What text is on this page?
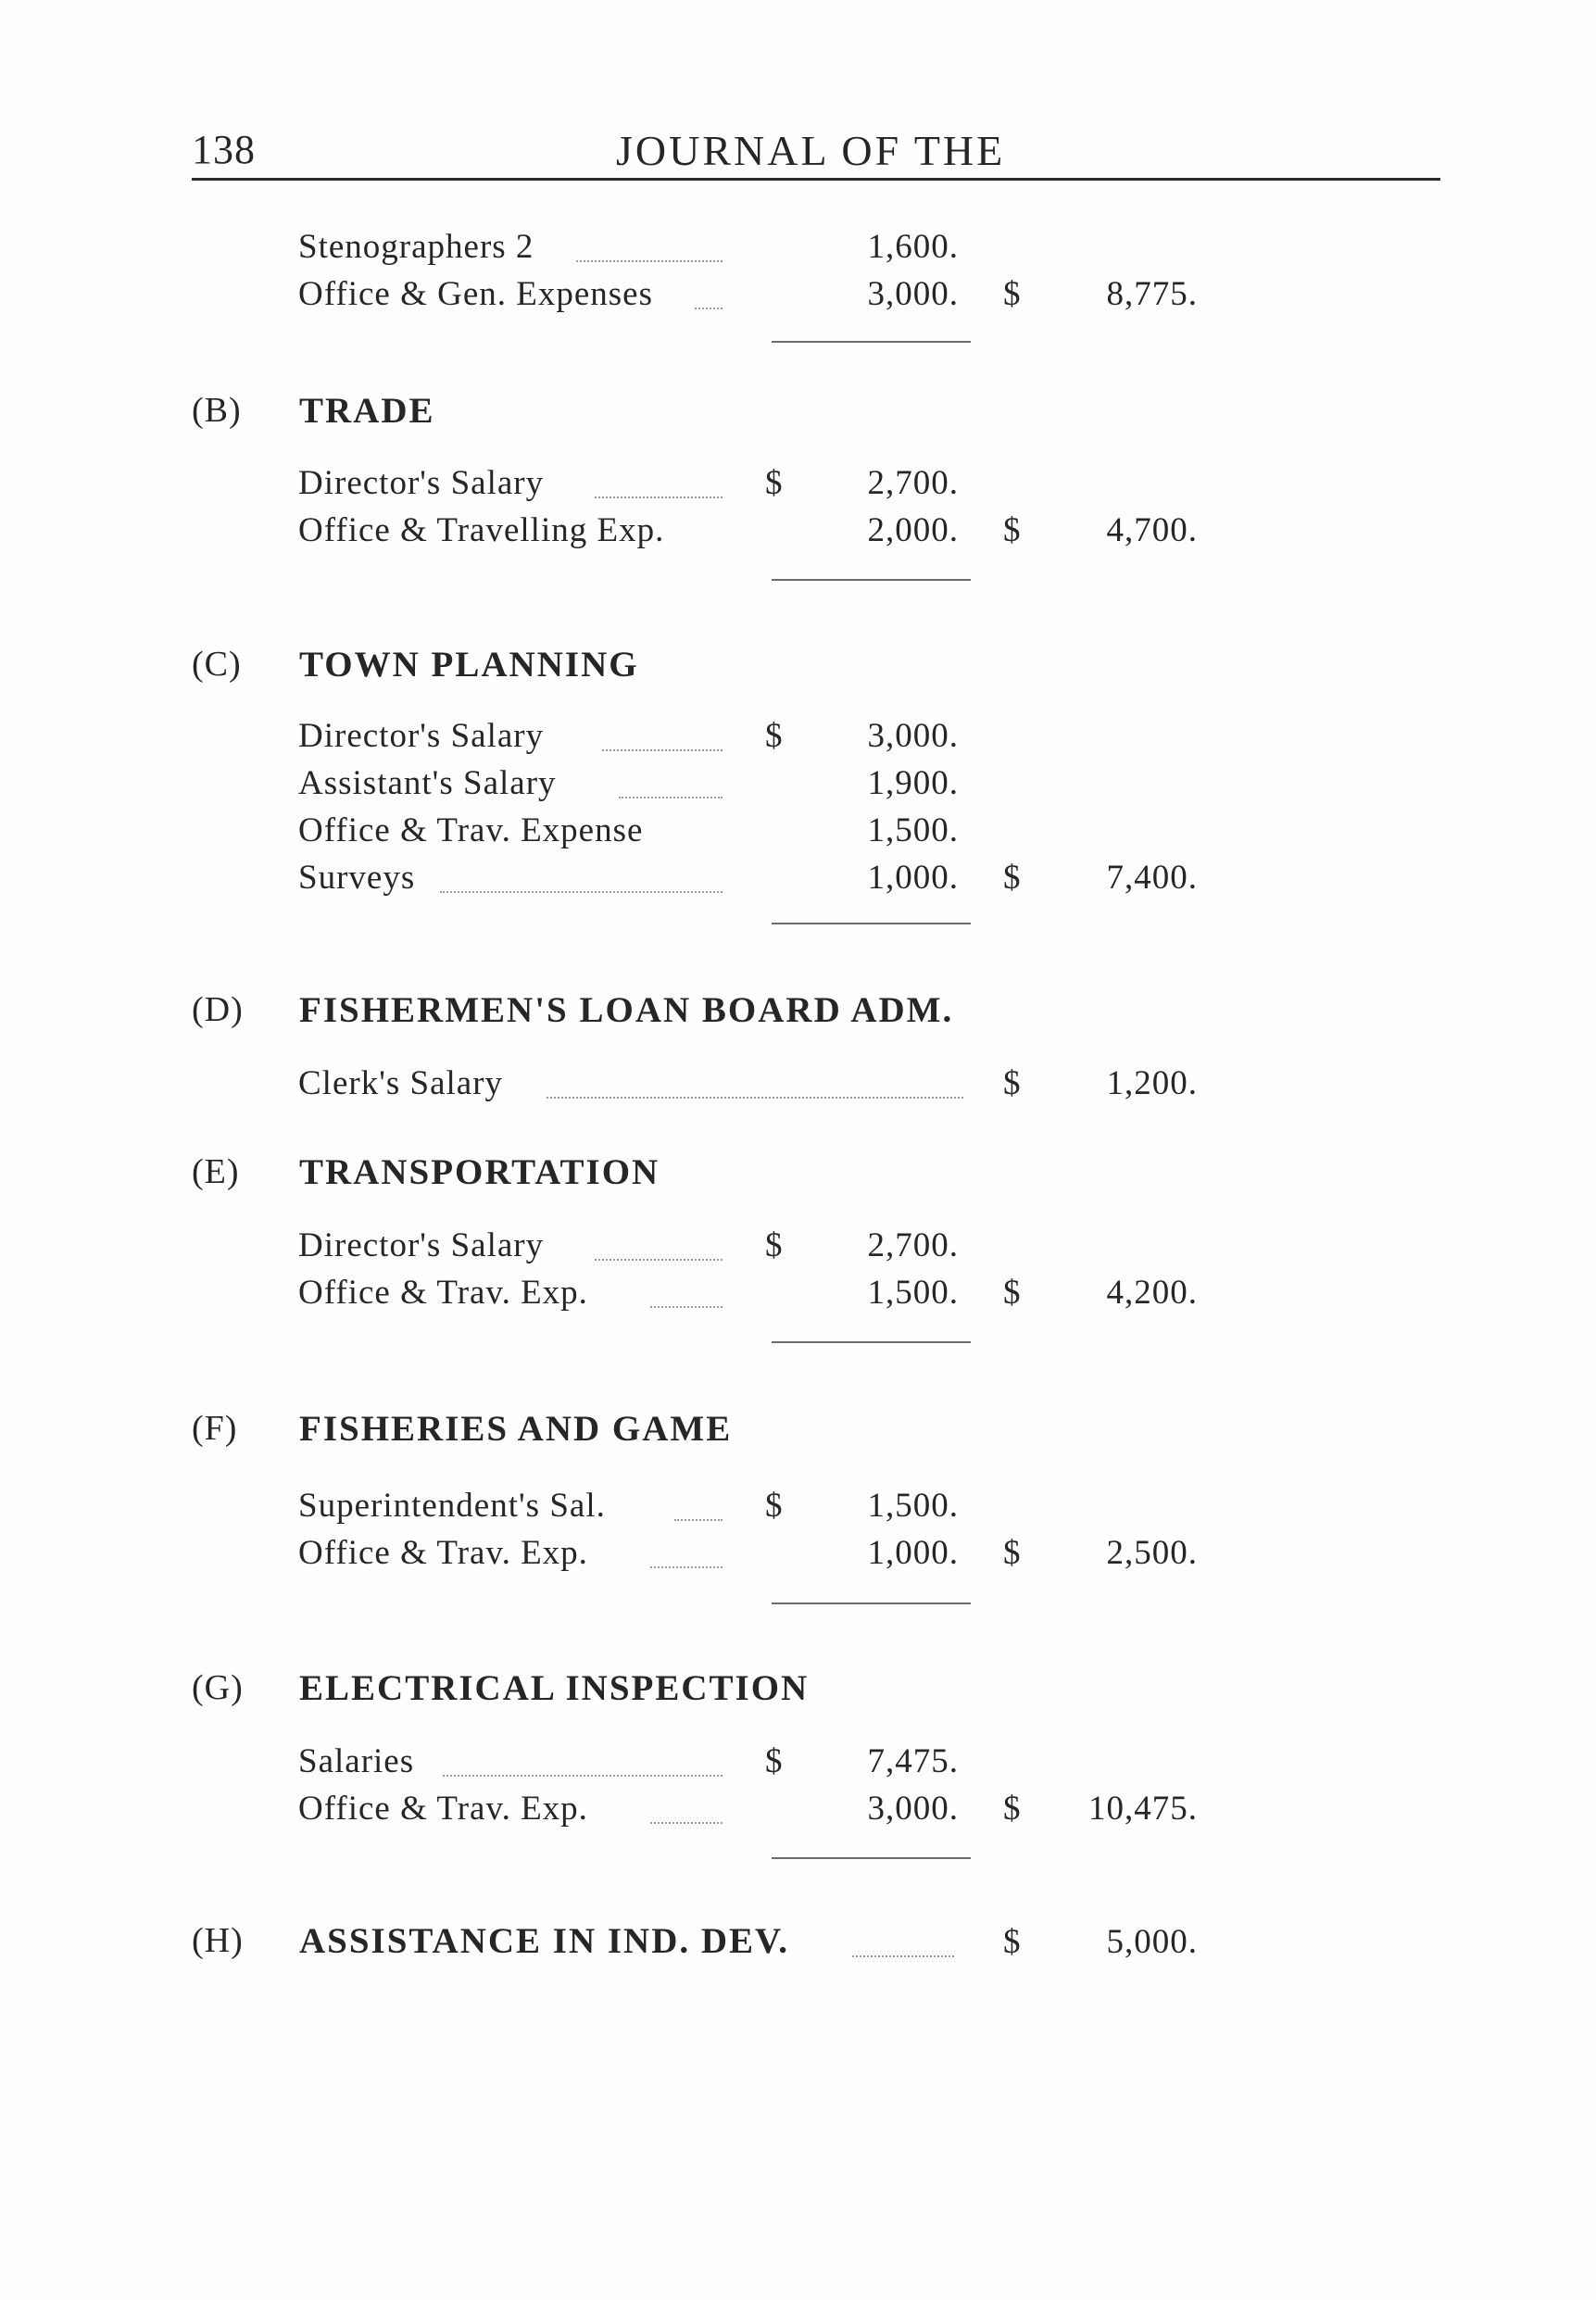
138	JOURNAL OF THE
Stenographers 2	1,600.
Office & Gen. Expenses	3,000. $	8,775.
(B) TRADE
Director's Salary	$ 2,700.
Office & Travelling Exp.	2,000. $	4,700.
(C) TOWN PLANNING
Director's Salary	$ 3,000.
Assistant's Salary	1,900.
Office & Trav. Expense	1,500.
Surveys	1,000. $	7,400.
(D) FISHERMEN'S LOAN BOARD ADM.
Clerk's Salary	$	1,200.
(E) TRANSPORTATION
Director's Salary	$ 2,700.
Office & Trav. Exp.	1,500. $	4,200.
(F) FISHERIES AND GAME
Superintendent's Sal.	$ 1,500.
Office & Trav. Exp.	1,000. $	2,500.
(G) ELECTRICAL INSPECTION
Salaries	$ 7,475.
Office & Trav. Exp.	3,000. $ 10,475.
(H) ASSISTANCE IN IND. DEV.	$	5,000.
